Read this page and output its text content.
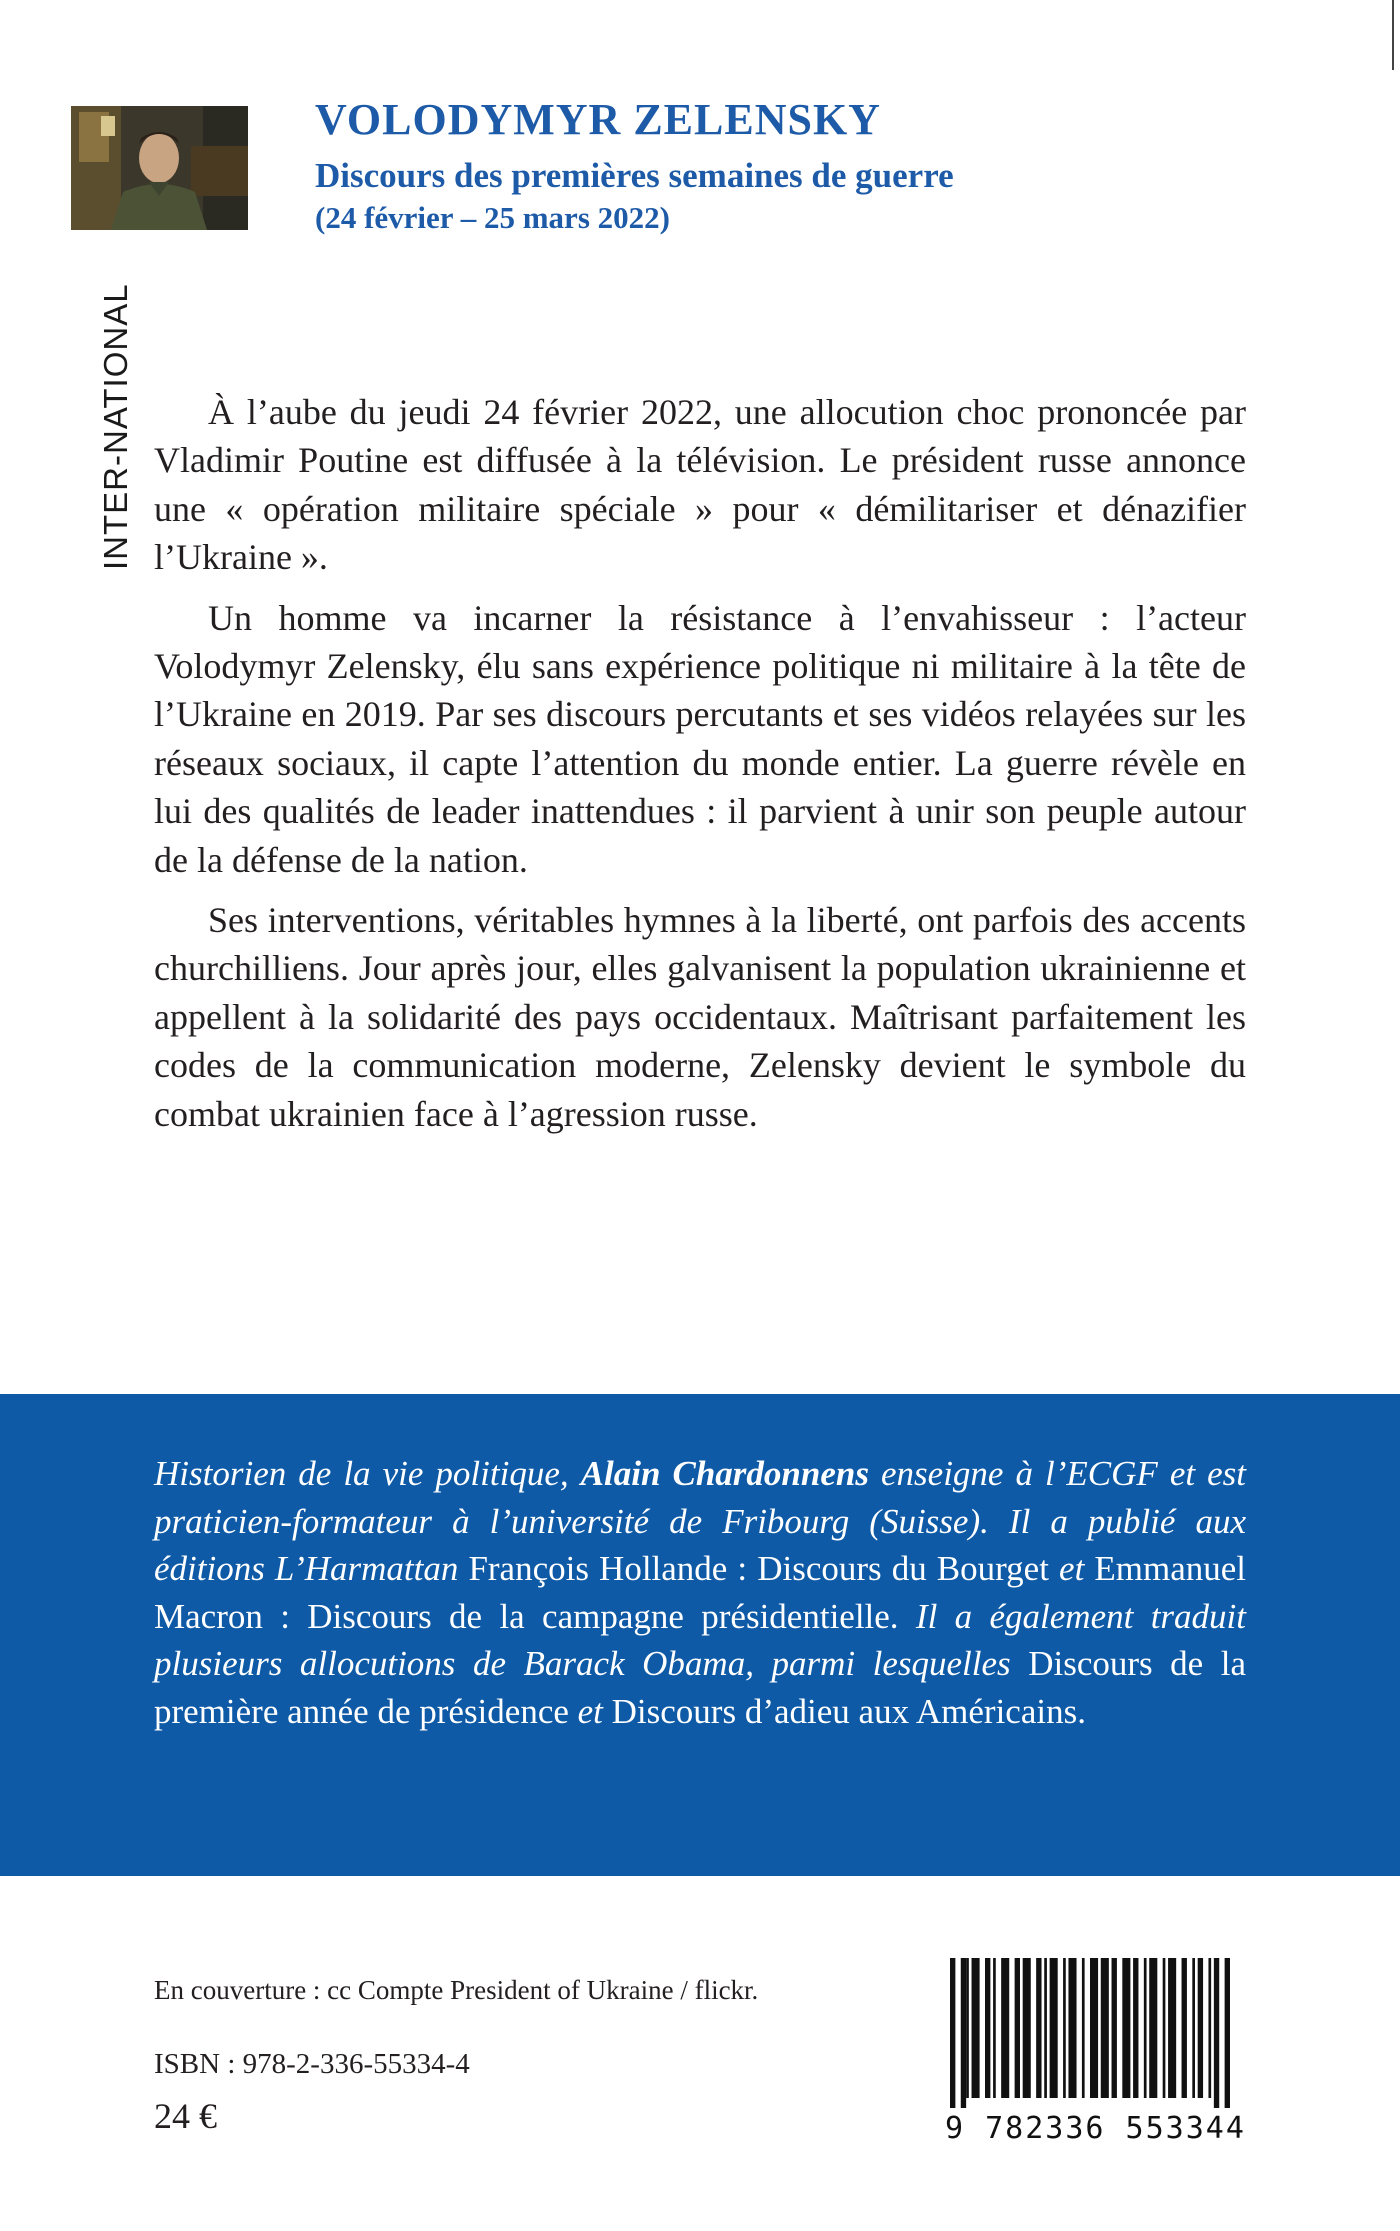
INTER-NATIONAL
VOLODYMYR ZELENSKY
Discours des premières semaines de guerre
(24 février – 25 mars 2022)

À l’aube du jeudi 24 février 2022, une allocution choc prononcée par Vladimir Poutine est diffusée à la télévision. Le président russe annonce une « opération militaire spéciale » pour « démilitariser et dénazifier l’Ukraine ».

Un homme va incarner la résistance à l’envahisseur : l’acteur Volodymyr Zelensky, élu sans expérience politique ni militaire à la tête de l’Ukraine en 2019. Par ses discours percutants et ses vidéos relayées sur les réseaux sociaux, il capte l’attention du monde entier. La guerre révèle en lui des qualités de leader inattendues : il parvient à unir son peuple autour de la défense de la nation.

Ses interventions, véritables hymnes à la liberté, ont parfois des accents churchilliens. Jour après jour, elles galvanisent la population ukrainienne et appellent à la solidarité des pays occidentaux. Maîtrisant parfaitement les codes de la communication moderne, Zelensky devient le symbole du combat ukrainien face à l’agression russe.

Historien de la vie politique, Alain Chardonnens enseigne à l’ECGF et est praticien-formateur à l’université de Fribourg (Suisse). Il a publié aux éditions L’Harmattan François Hollande : Discours du Bourget et Emmanuel Macron : Discours de la campagne présidentielle. Il a également traduit plusieurs allocutions de Barack Obama, parmi lesquelles Discours de la première année de présidence et Discours d’adieu aux Américains.

En couverture : cc Compte President of Ukraine / flickr.
ISBN : 978-2-336-55334-4
24 €	9 782336 553344
